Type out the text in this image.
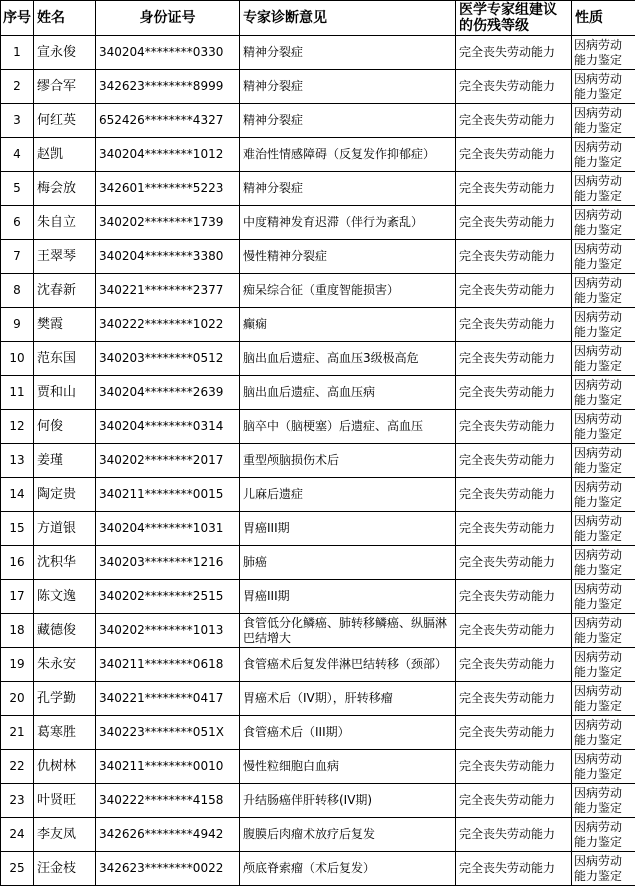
序号	姓名	身份证号	专家诊断意见	医学专家组建议的伤残等级	性质
1	宣永俊	340204********0330	精神分裂症	完全丧失劳动能力	因病劳动能力鉴定
2	缪合军	342623********8999	精神分裂症	完全丧失劳动能力	因病劳动能力鉴定
3	何红英	652426********4327	精神分裂症	完全丧失劳动能力	因病劳动能力鉴定
4	赵凯	340204********1012	难治性情感障碍（反复发作抑郁症）	完全丧失劳动能力	因病劳动能力鉴定
5	梅会放	342601********5223	精神分裂症	完全丧失劳动能力	因病劳动能力鉴定
6	朱自立	340202********1739	中度精神发育迟滞（伴行为紊乱）	完全丧失劳动能力	因病劳动能力鉴定
7	王翠琴	340204********3380	慢性精神分裂症	完全丧失劳动能力	因病劳动能力鉴定
8	沈春新	340221********2377	痴呆综合征（重度智能损害）	完全丧失劳动能力	因病劳动能力鉴定
9	樊霞	340222********1022	癫痫	完全丧失劳动能力	因病劳动能力鉴定
10	范东国	340203********0512	脑出血后遗症、高血压3级极高危	完全丧失劳动能力	因病劳动能力鉴定
11	贾和山	340204********2639	脑出血后遗症、高血压病	完全丧失劳动能力	因病劳动能力鉴定
12	何俊	340204********0314	脑卒中（脑梗塞）后遗症、高血压	完全丧失劳动能力	因病劳动能力鉴定
13	姜瑾	340202********2017	重型颅脑损伤术后	完全丧失劳动能力	因病劳动能力鉴定
14	陶定贵	340211********0015	儿麻后遗症	完全丧失劳动能力	因病劳动能力鉴定
15	方道银	340204********1031	胃癌III期	完全丧失劳动能力	因病劳动能力鉴定
16	沈积华	340203********1216	肺癌	完全丧失劳动能力	因病劳动能力鉴定
17	陈文逸	340202********2515	胃癌III期	完全丧失劳动能力	因病劳动能力鉴定
18	藏德俊	340202********1013	食管低分化鳞癌、肺转移鳞癌、纵膈淋巴结增大	完全丧失劳动能力	因病劳动能力鉴定
19	朱永安	340211********0618	食管癌术后复发伴淋巴结转移（颈部）	完全丧失劳动能力	因病劳动能力鉴定
20	孔学勤	340221********0417	胃癌术后（IV期），肝转移瘤	完全丧失劳动能力	因病劳动能力鉴定
21	葛寒胜	340223********051X	食管癌术后（III期）	完全丧失劳动能力	因病劳动能力鉴定
22	仇树林	340211********0010	慢性粒细胞白血病	完全丧失劳动能力	因病劳动能力鉴定
23	叶贤旺	340222********4158	升结肠癌伴肝转移(IV期)	完全丧失劳动能力	因病劳动能力鉴定
24	李友凤	342626********4942	腹膜后肉瘤术放疗后复发	完全丧失劳动能力	因病劳动能力鉴定
25	汪金枝	342623********0022	颅底脊索瘤（术后复发）	完全丧失劳动能力	因病劳动能力鉴定
